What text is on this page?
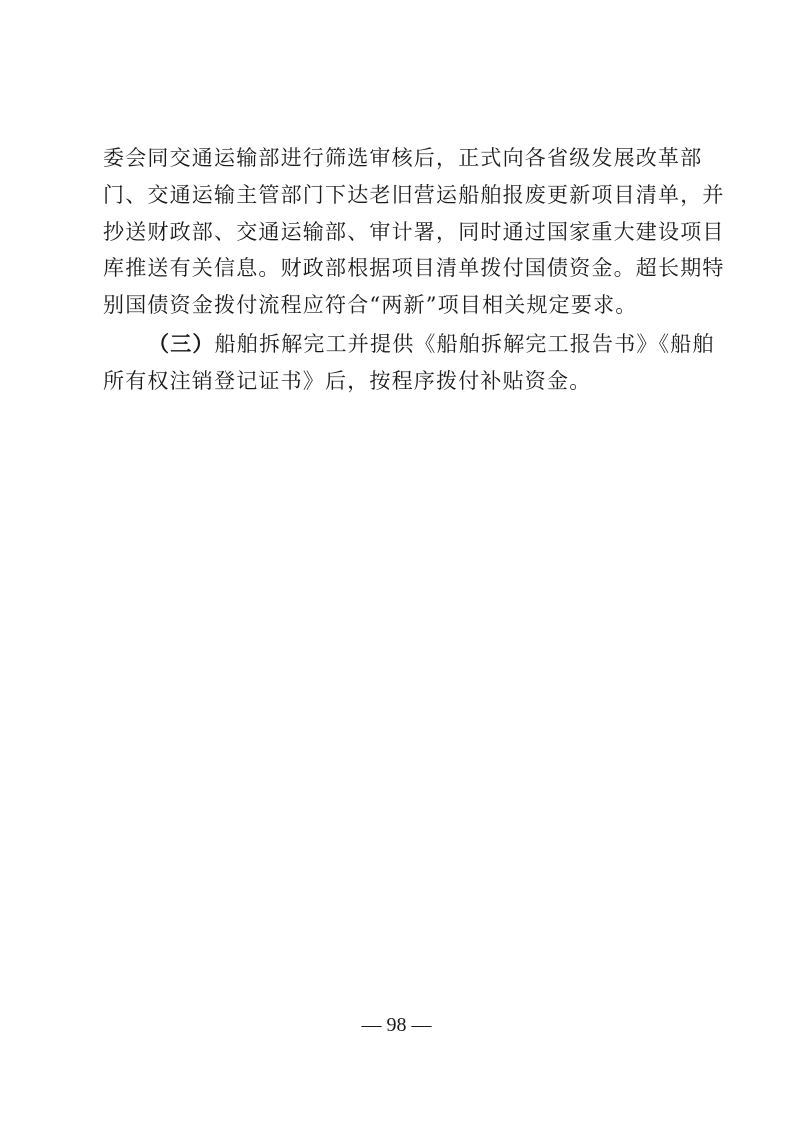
委会同交通运输部进行筛选审核后，正式向各省级发展改革部
门、交通运输主管部门下达老旧营运船舶报废更新项目清单，并
抄送财政部、交通运输部、审计署，同时通过国家重大建设项目
库推送有关信息。财政部根据项目清单拨付国债资金。超长期特
别国债资金拨付流程应符合“两新”项目相关规定要求。
（三）船舶拆解完工并提供《船舶拆解完工报告书》《船舶
所有权注销登记证书》后，按程序拨付补贴资金。
— 98 —
